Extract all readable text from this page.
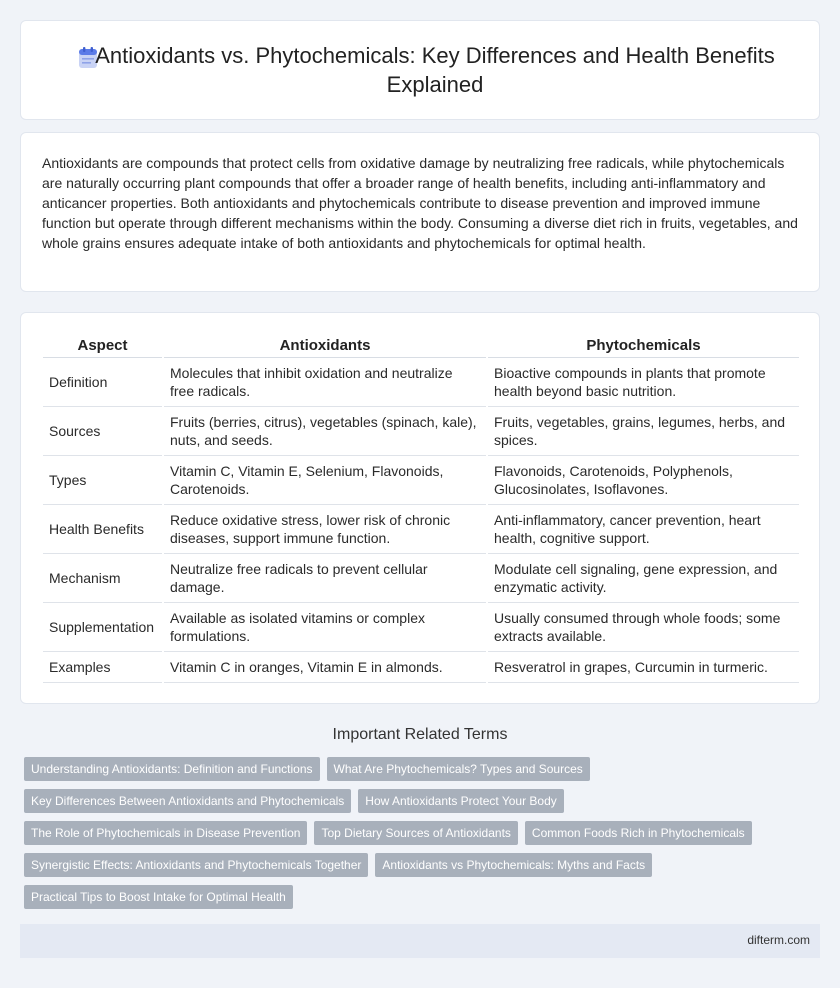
Antioxidants vs. Phytochemicals: Key Differences and Health Benefits Explained

Antioxidants are compounds that protect cells from oxidative damage by neutralizing free radicals, while phytochemicals are naturally occurring plant compounds that offer a broader range of health benefits, including anti-inflammatory and anticancer properties. Both antioxidants and phytochemicals contribute to disease prevention and improved immune function but operate through different mechanisms within the body. Consuming a diverse diet rich in fruits, vegetables, and whole grains ensures adequate intake of both antioxidants and phytochemicals for optimal health.

Aspect	Antioxidants	Phytochemicals
Definition	Molecules that inhibit oxidation and neutralize free radicals.	Bioactive compounds in plants that promote health beyond basic nutrition.
Sources	Fruits (berries, citrus), vegetables (spinach, kale), nuts, and seeds.	Fruits, vegetables, grains, legumes, herbs, and spices.
Types	Vitamin C, Vitamin E, Selenium, Flavonoids, Carotenoids.	Flavonoids, Carotenoids, Polyphenols, Glucosinolates, Isoflavones.
Health Benefits	Reduce oxidative stress, lower risk of chronic diseases, support immune function.	Anti-inflammatory, cancer prevention, heart health, cognitive support.
Mechanism	Neutralize free radicals to prevent cellular damage.	Modulate cell signaling, gene expression, and enzymatic activity.
Supplementation	Available as isolated vitamins or complex formulations.	Usually consumed through whole foods; some extracts available.
Examples	Vitamin C in oranges, Vitamin E in almonds.	Resveratrol in grapes, Curcumin in turmeric.
Important Related Terms
Understanding Antioxidants: Definition and Functions	What Are Phytochemicals? Types and Sources
Key Differences Between Antioxidants and Phytochemicals	How Antioxidants Protect Your Body
The Role of Phytochemicals in Disease Prevention	Top Dietary Sources of Antioxidants	Common Foods Rich in Phytochemicals
Synergistic Effects: Antioxidants and Phytochemicals Together	Antioxidants vs Phytochemicals: Myths and Facts
Practical Tips to Boost Intake for Optimal Health
difterm.com
